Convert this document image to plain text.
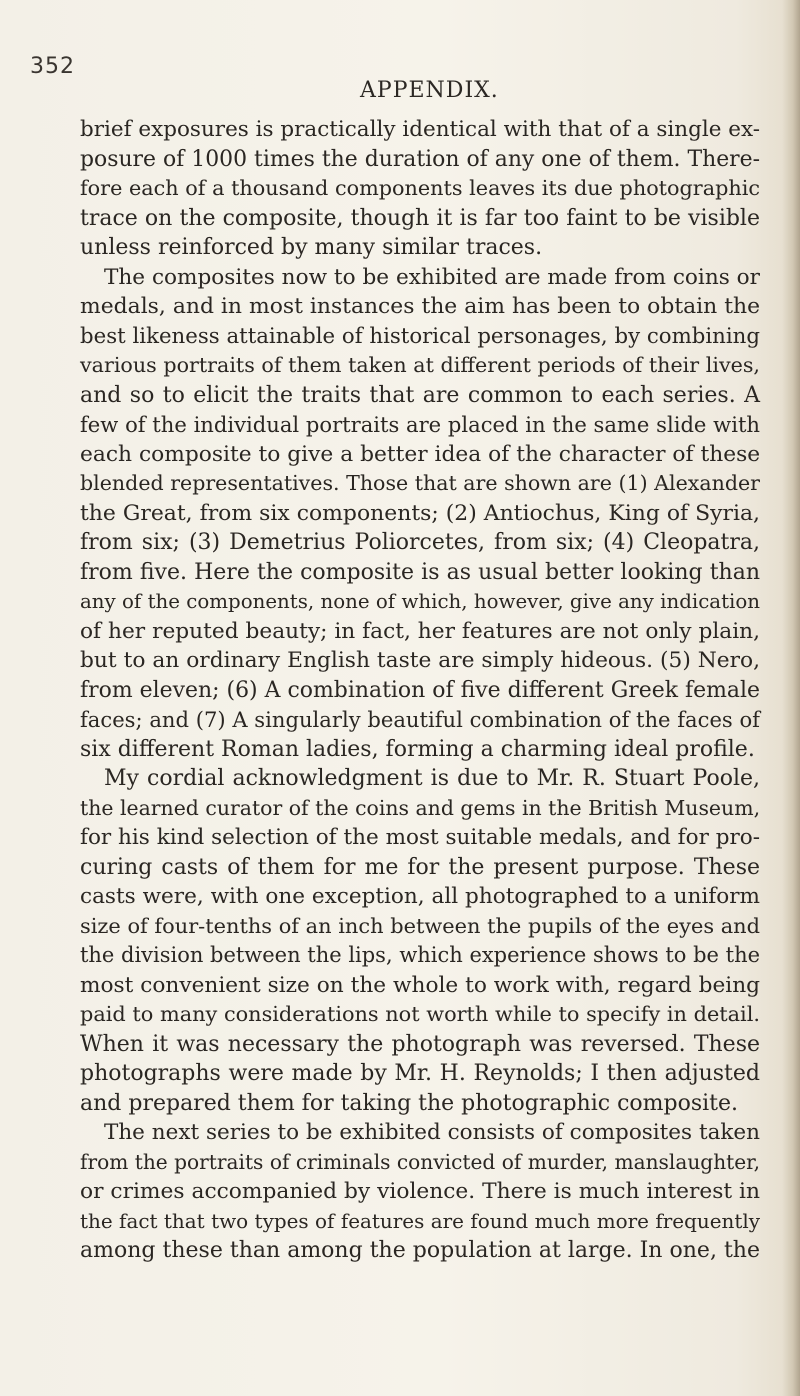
352
APPENDIX.
brief exposures is practically identical with that of a single ex-
posure of 1000 times the duration of any one of them. There-
fore each of a thousand components leaves its due photographic
trace on the composite, though it is far too faint to be visible
unless reinforced by many similar traces.
The composites now to be exhibited are made from coins or
medals, and in most instances the aim has been to obtain the
best likeness attainable of historical personages, by combining
various portraits of them taken at different periods of their lives,
and so to elicit the traits that are common to each series. A
few of the individual portraits are placed in the same slide with
each composite to give a better idea of the character of these
blended representatives. Those that are shown are (1) Alexander
the Great, from six components; (2) Antiochus, King of Syria,
from six; (3) Demetrius Poliorcetes, from six; (4) Cleopatra,
from five. Here the composite is as usual better looking than
any of the components, none of which, however, give any indication
of her reputed beauty; in fact, her features are not only plain,
but to an ordinary English taste are simply hideous. (5) Nero,
from eleven; (6) A combination of five different Greek female
faces; and (7) A singularly beautiful combination of the faces of
six different Roman ladies, forming a charming ideal profile.
My cordial acknowledgment is due to Mr. R. Stuart Poole,
the learned curator of the coins and gems in the British Museum,
for his kind selection of the most suitable medals, and for pro-
curing casts of them for me for the present purpose. These
casts were, with one exception, all photographed to a uniform
size of four-tenths of an inch between the pupils of the eyes and
the division between the lips, which experience shows to be the
most convenient size on the whole to work with, regard being
paid to many considerations not worth while to specify in detail.
When it was necessary the photograph was reversed. These
photographs were made by Mr. H. Reynolds; I then adjusted
and prepared them for taking the photographic composite.
The next series to be exhibited consists of composites taken
from the portraits of criminals convicted of murder, manslaughter,
or crimes accompanied by violence. There is much interest in
the fact that two types of features are found much more frequently
among these than among the population at large. In one, the
